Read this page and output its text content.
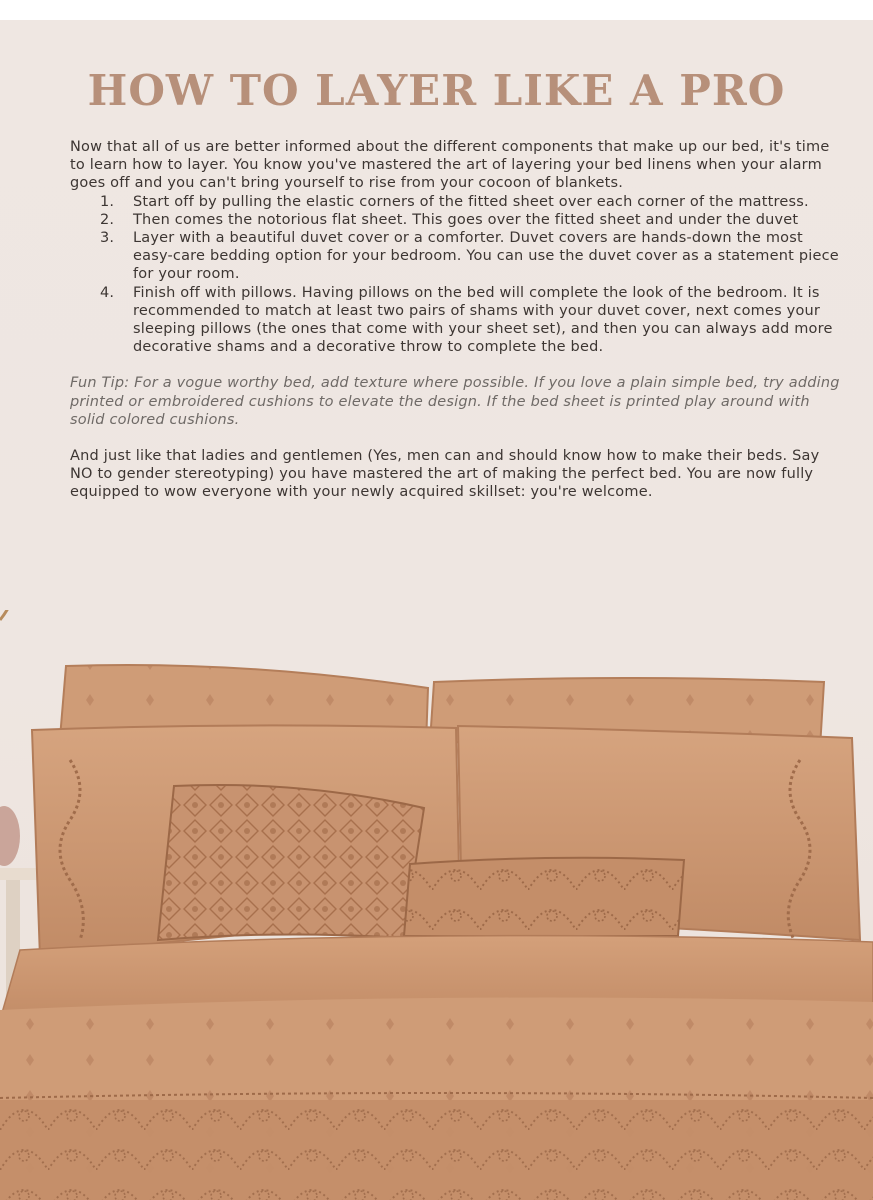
HOW TO LAYER LIKE A PRO

Now that all of us are better informed about the different components that make up our bed, it's time to learn how to layer. You know you've mastered the art of layering your bed linens when your alarm goes off and you can't bring yourself to rise from your cocoon of blankets.

1. Start off by pulling the elastic corners of the fitted sheet over each corner of the mattress.
2. Then comes the notorious flat sheet. This goes over the fitted sheet and under the duvet
3. Layer with a beautiful duvet cover or a comforter. Duvet covers are hands-down the most easy-care bedding option for your bedroom. You can use the duvet cover as a statement piece for your room.
4. Finish off with pillows. Having pillows on the bed will complete the look of the bedroom. It is recommended to match at least two pairs of shams with your duvet cover, next comes your sleeping pillows (the ones that come with your sheet set), and then you can always add more decorative shams and a decorative throw to complete the bed.

Fun Tip: For a vogue worthy bed, add texture where possible. If you love a plain simple bed, try adding printed or embroidered cushions to elevate the design. If the bed sheet is printed play around with solid colored cushions.

And just like that ladies and gentlemen (Yes, men can and should know how to make their beds. Say NO to gender stereotyping) you have mastered the art of making the perfect bed. You are now fully equipped to wow everyone with your newly acquired skillset: you're welcome.
